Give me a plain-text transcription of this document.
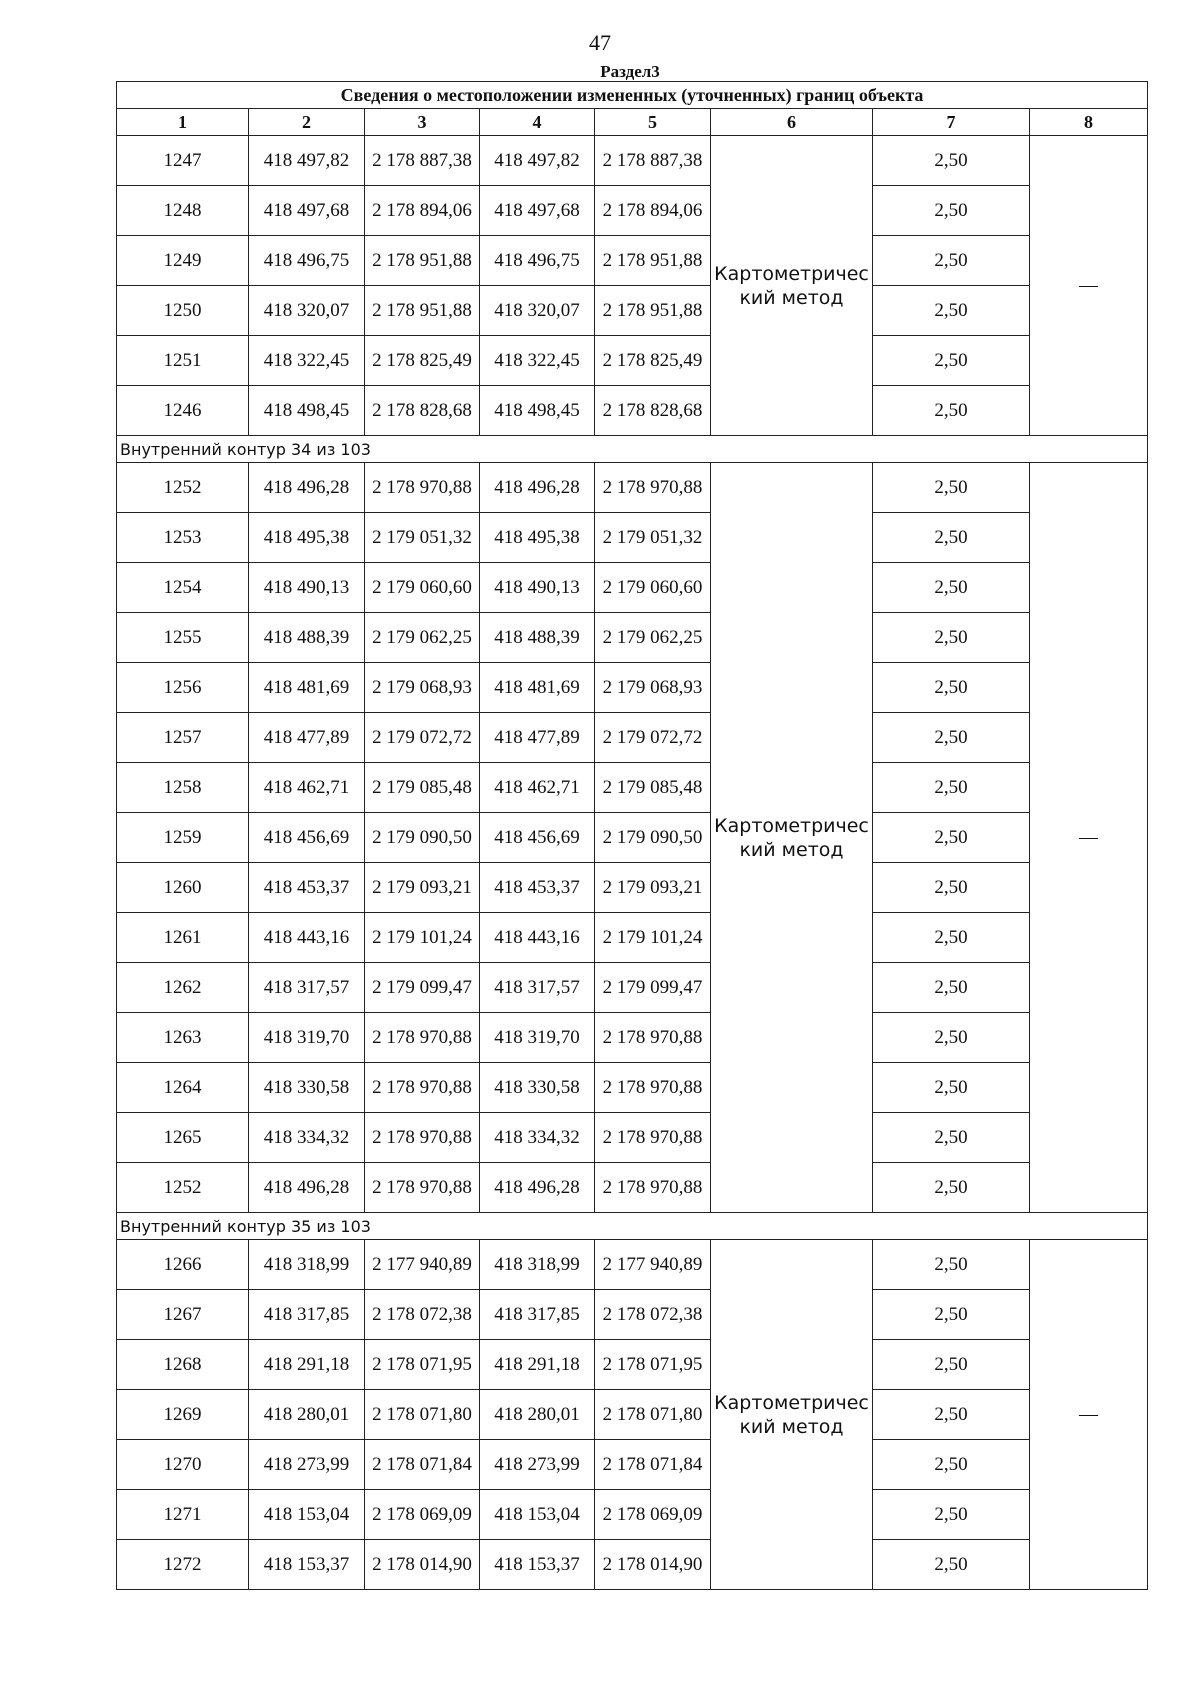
47
Раздел3
Сведения о местоположении измененных (уточненных) границ объекта							
1	2	3	4	5	6	7	8
1247	418 497,82	2 178 887,38	418 497,82	2 178 887,38	Картометрический метод	2,50	—
1248	418 497,68	2 178 894,06	418 497,68	2 178 894,06		2,50	
1249	418 496,75	2 178 951,88	418 496,75	2 178 951,88		2,50	
1250	418 320,07	2 178 951,88	418 320,07	2 178 951,88		2,50	
1251	418 322,45	2 178 825,49	418 322,45	2 178 825,49		2,50	
1246	418 498,45	2 178 828,68	418 498,45	2 178 828,68		2,50	
Внутренний контур 34 из 103							
1252	418 496,28	2 178 970,88	418 496,28	2 178 970,88	Картометрический метод	2,50	—
1253	418 495,38	2 179 051,32	418 495,38	2 179 051,32		2,50	
1254	418 490,13	2 179 060,60	418 490,13	2 179 060,60		2,50	
1255	418 488,39	2 179 062,25	418 488,39	2 179 062,25		2,50	
1256	418 481,69	2 179 068,93	418 481,69	2 179 068,93		2,50	
1257	418 477,89	2 179 072,72	418 477,89	2 179 072,72		2,50	
1258	418 462,71	2 179 085,48	418 462,71	2 179 085,48		2,50	
1259	418 456,69	2 179 090,50	418 456,69	2 179 090,50		2,50	
1260	418 453,37	2 179 093,21	418 453,37	2 179 093,21		2,50	
1261	418 443,16	2 179 101,24	418 443,16	2 179 101,24		2,50	
1262	418 317,57	2 179 099,47	418 317,57	2 179 099,47		2,50	
1263	418 319,70	2 178 970,88	418 319,70	2 178 970,88		2,50	
1264	418 330,58	2 178 970,88	418 330,58	2 178 970,88		2,50	
1265	418 334,32	2 178 970,88	418 334,32	2 178 970,88		2,50	
1252	418 496,28	2 178 970,88	418 496,28	2 178 970,88		2,50	
Внутренний контур 35 из 103							
1266	418 318,99	2 177 940,89	418 318,99	2 177 940,89	Картометрический метод	2,50	—
1267	418 317,85	2 178 072,38	418 317,85	2 178 072,38		2,50	
1268	418 291,18	2 178 071,95	418 291,18	2 178 071,95		2,50	
1269	418 280,01	2 178 071,80	418 280,01	2 178 071,80		2,50	
1270	418 273,99	2 178 071,84	418 273,99	2 178 071,84		2,50	
1271	418 153,04	2 178 069,09	418 153,04	2 178 069,09		2,50	
1272	418 153,37	2 178 014,90	418 153,37	2 178 014,90		2,50	
